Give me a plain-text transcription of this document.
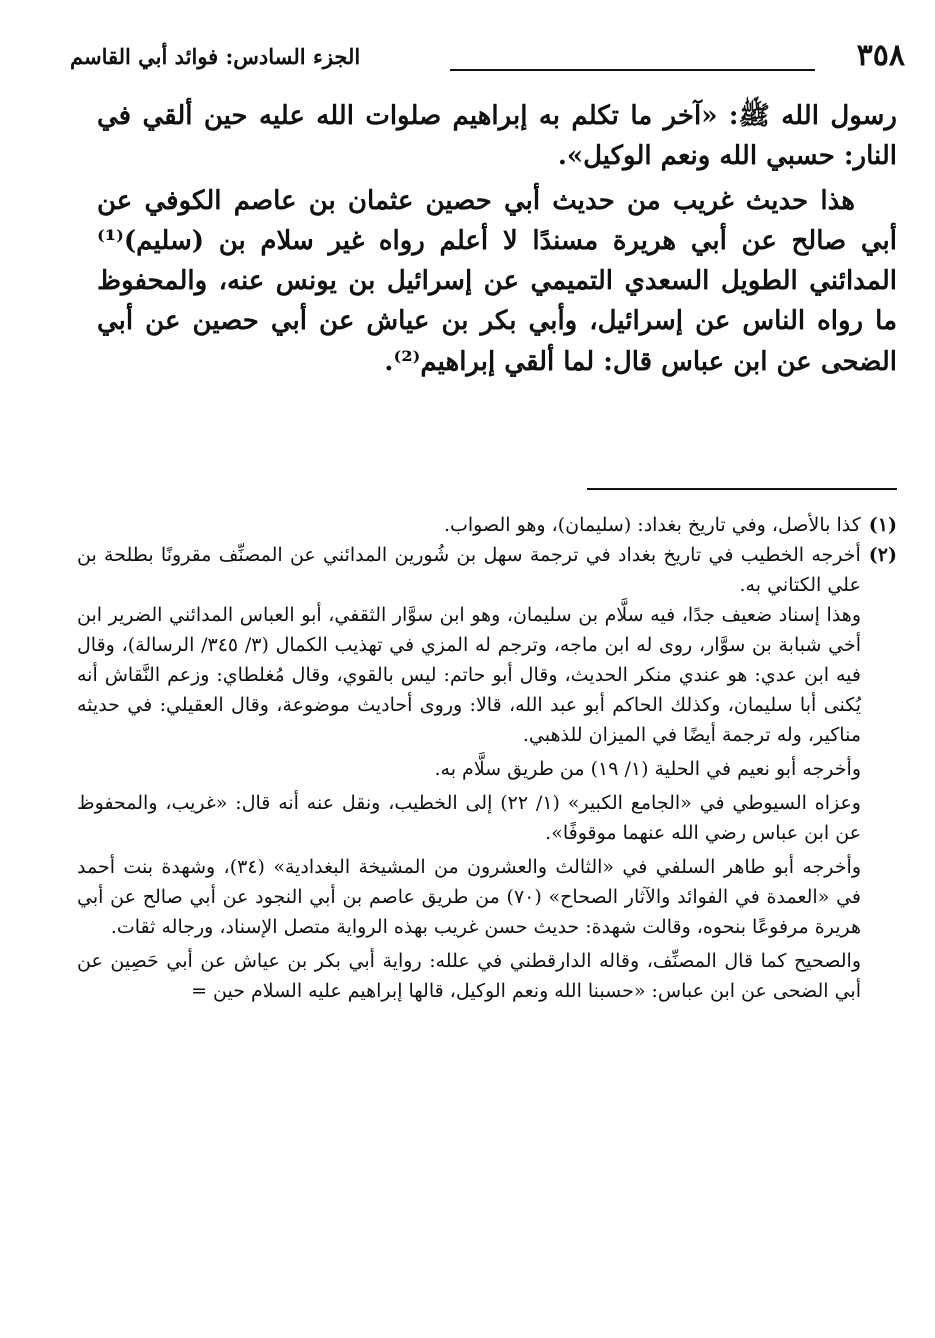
٣٥٨
الجزء السادس: فوائد أبي القاسم

رسول الله ﷺ: «آخر ما تكلم به إبراهيم صلوات الله عليه حين ألقي في النار: حسبي الله ونعم الوكيل».

هذا حديث غريب من حديث أبي حصين عثمان بن عاصم الكوفي عن أبي صالح عن أبي هريرة مسندًا لا أعلم رواه غير سلام بن (سليم)⁽¹⁾ المدائني الطويل السعدي التميمي عن إسرائيل بن يونس عنه، والمحفوظ ما رواه الناس عن إسرائيل، وأبي بكر بن عياش عن أبي حصين عن أبي الضحى عن ابن عباس قال: لما ألقي إبراهيم⁽²⁾.

(١)
كذا بالأصل، وفي تاريخ بغداد: (سليمان)، وهو الصواب.
(٢)
أخرجه الخطيب في تاريخ بغداد في ترجمة سهل بن شُورين المدائني عن المصنِّف مقرونًا بطلحة بن علي الكتاني به.

وهذا إسناد ضعيف جدًا، فيه سلَّام بن سليمان، وهو ابن سوَّار الثقفي، أبو العباس المدائني الضرير ابن أخي شبابة بن سوَّار، روى له ابن ماجه، وترجم له المزي في تهذيب الكمال (٣/ ٣٤٥/ الرسالة)، وقال فيه ابن عدي: هو عندي منكر الحديث، وقال أبو حاتم: ليس بالقوي، وقال مُغلطاي: وزعم النَّقاش أنه يُكنى أبا سليمان، وكذلك الحاكم أبو عبد الله، قالا: وروى أحاديث موضوعة، وقال العقيلي: في حديثه مناكير، وله ترجمة أيضًا في الميزان للذهبي.

وأخرجه أبو نعيم في الحلية (١/ ١٩) من طريق سلَّام به.

وعزاه السيوطي في «الجامع الكبير» (١/ ٢٢) إلى الخطيب، ونقل عنه أنه قال: «غريب، والمحفوظ عن ابن عباس رضي الله عنهما موقوفًا».

وأخرجه أبو طاهر السلفي في «الثالث والعشرون من المشيخة البغدادية» (٣٤)، وشهدة بنت أحمد في «العمدة في الفوائد والآثار الصحاح» (٧٠) من طريق عاصم بن أبي النجود عن أبي صالح عن أبي هريرة مرفوعًا بنحوه، وقالت شهدة: حديث حسن غريب بهذه الرواية متصل الإسناد، ورجاله ثقات.

والصحيح كما قال المصنِّف، وقاله الدارقطني في علله: رواية أبي بكر بن عياش عن أبي حَصِين عن أبي الضحى عن ابن عباس: «حسبنا الله ونعم الوكيل، قالها إبراهيم عليه السلام حين =
